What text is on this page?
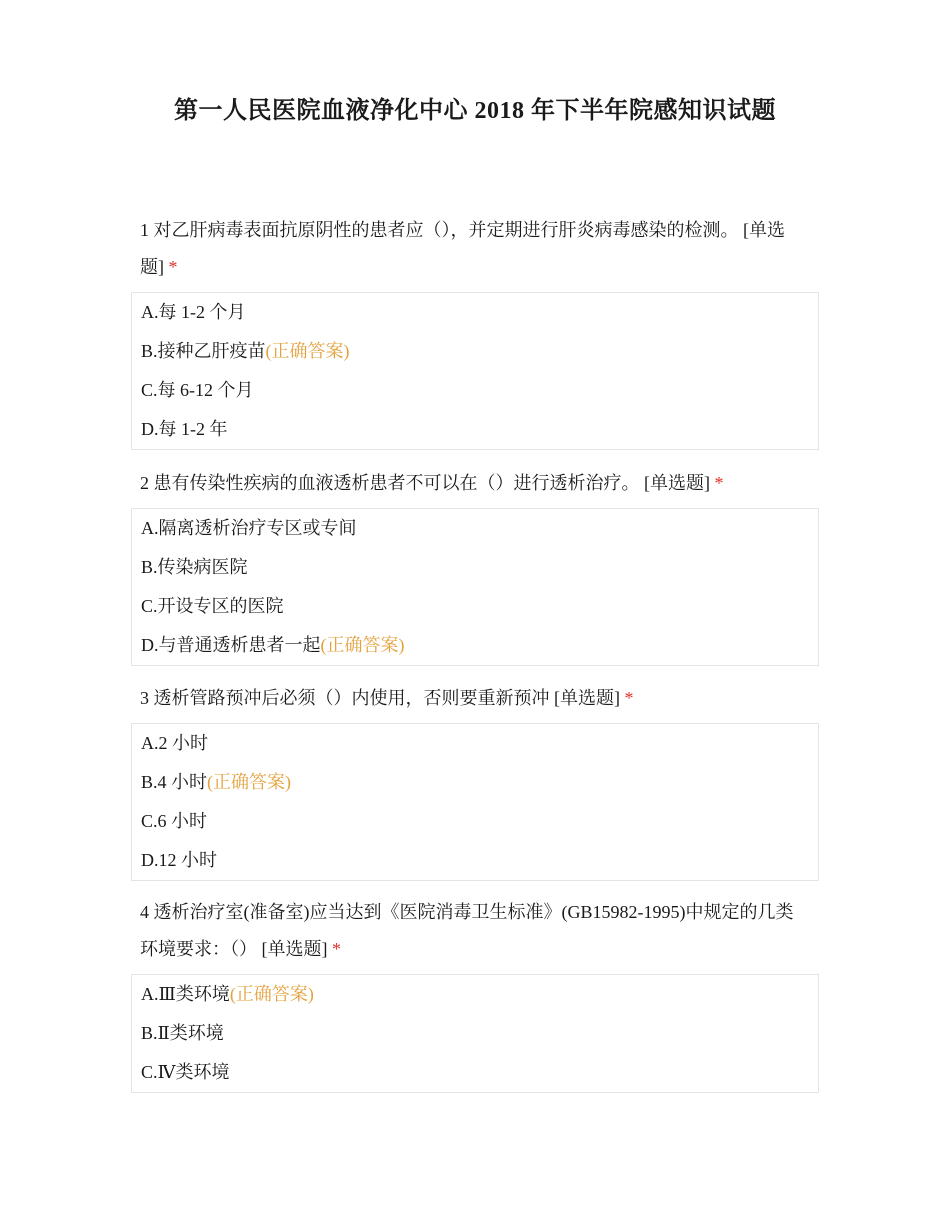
第一人民医院血液净化中心 2018 年下半年院感知识试题
1 对乙肝病毒表面抗原阴性的患者应（），并定期进行肝炎病毒感染的检测。 [单选题] *
A.每 1-2 个月
B.接种乙肝疫苗(正确答案)
C.每 6-12 个月
D.每 1-2 年
2 患有传染性疾病的血液透析患者不可以在（）进行透析治疗。 [单选题] *
A.隔离透析治疗专区或专间
B.传染病医院
C.开设专区的医院
D.与普通透析患者一起(正确答案)
3 透析管路预冲后必须（）内使用，否则要重新预冲 [单选题] *
A.2 小时
B.4 小时(正确答案)
C.6 小时
D.12 小时
4 透析治疗室(准备室)应当达到《医院消毒卫生标准》(GB15982-1995)中规定的几类环境要求：（） [单选题] *
A.Ⅲ类环境(正确答案)
B.Ⅱ类环境
C.Ⅳ类环境
